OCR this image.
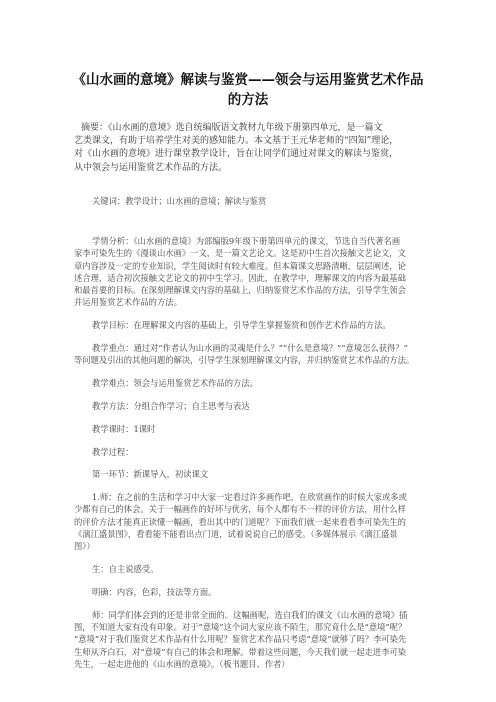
《山水画的意境》解读与鉴赏——领会与运用鉴赏艺术作品
的方法

摘要：《山水画的意境》选自统编版语文教材九年级下册第四单元，是一篇文

艺类课文，有助于培养学生对美的感知能力。本文基于王元华老师的“四知”理论，

对《山水画的意境》进行课堂教学设计，旨在让同学们通过对课文的解读与鉴赏，

从中领会与运用鉴赏艺术作品的方法。

关键词：教学设计；山水画的意境；解读与鉴赏

学情分析：《山水画的意境》为部编版9年级下册第四单元的课文，节选自当代著名画
家李可染先生的《漫谈山水画》一文，是一篇文艺论文。这是初中生首次接触文艺论文，文
章内容涉及一定的专业知识，学生阅读时有较大难度。但本篇课文思路清晰，层层阐述，论
述合理，适合初次接触文艺论文的初中生学习。因此，在教学中，理解课文的内容为最基础
和最首要的目标。在深刻理解课文内容的基础上，归纳鉴赏艺术作品的方法，引导学生领会
并运用鉴赏艺术作品的方法。

教学目标：在理解课文内容的基础上，引导学生掌握鉴赏和创作艺术作品的方法。

教学重点：通过对“作者认为山水画的灵魂是什么？”“什么是意境？”“意境怎么获得？”
等问题及引出的其他问题的解决，引导学生深刻理解课文内容，并归纳鉴赏艺术作品的方法。

教学难点：领会与运用鉴赏艺术作品的方法。

教学方法：分组合作学习；自主思考与表达

教学课时：1课时

教学过程：

第一环节：新课导入，初读课文

1.师：在之前的生活和学习中大家一定看过许多画作吧，在欣赏画作的时候大家或多或
少都有自己的体会。关于一幅画作的好坏与优劣，每个人都有不一样的评价方法，用什么样
的评价方法才能真正读懂一幅画，看出其中的门道呢？下面我们就一起来看看李可染先生的
《漓江盛景图》，看看能不能看出点门道，试着说说自己的感受。（多媒体展示《漓江盛景
图》）

生：自主说感受。

明确：内容，色彩，技法等方面。

师：同学们体会到的还是非常全面的。这幅画呢，选自我们的课文《山水画的意境》插
图，不知道大家有没有印象。对于“意境”这个词大家应该不陌生，那究竟什么是“意境”呢？
“意境”对于我们鉴赏艺术作品有什么用呢？鉴赏艺术作品只考虑“意境”就够了吗？李可染先
生师从齐白石，对“意境”有自己的体会和理解。带着这些问题，今天我们就一起走进李可染
先生，一起走进他的《山水画的意境》。（板书题目、作者）
